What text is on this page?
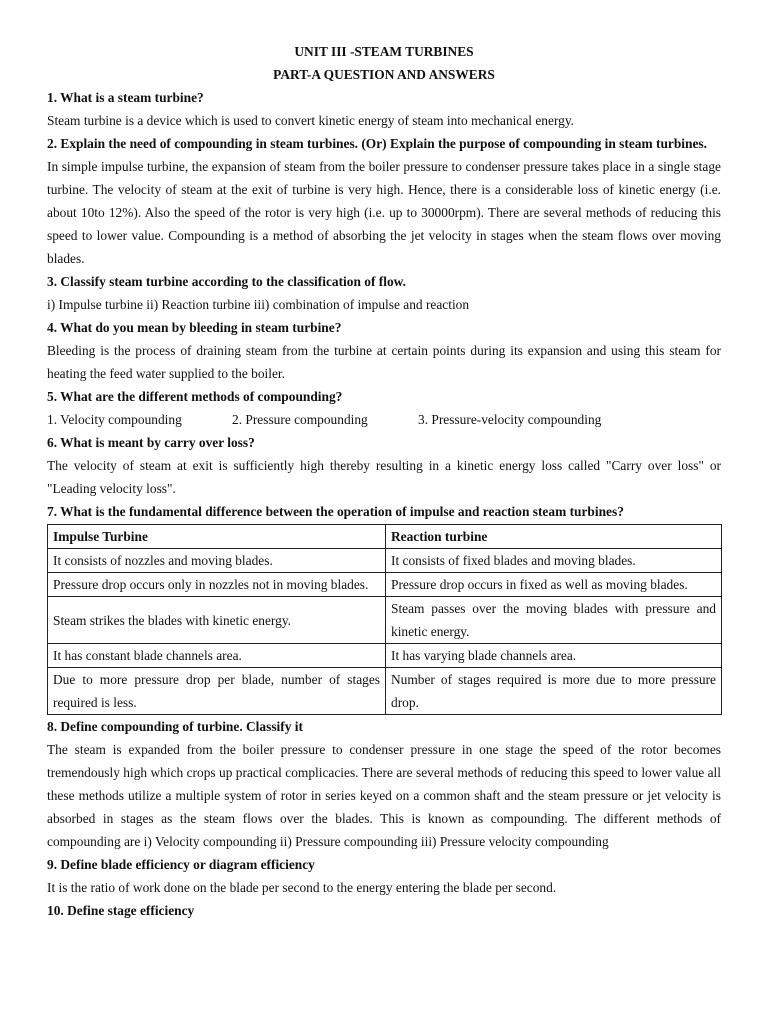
UNIT III -STEAM TURBINES
PART-A QUESTION AND ANSWERS
1. What is a steam turbine?
Steam turbine is a device which is used to convert kinetic energy of steam into mechanical energy.
2. Explain the need of compounding in steam turbines. (Or) Explain the purpose of compounding in steam turbines.
In simple impulse turbine, the expansion of steam from the boiler pressure to condenser pressure takes place in a single stage turbine. The velocity of steam at the exit of turbine is very high. Hence, there is a considerable loss of kinetic energy (i.e. about 10to 12%). Also the speed of the rotor is very high (i.e. up to 30000rpm). There are several methods of reducing this speed to lower value. Compounding is a method of absorbing the jet velocity in stages when the steam flows over moving blades.
3. Classify steam turbine according to the classification of flow.
i) Impulse turbine ii) Reaction turbine iii) combination of impulse and reaction
4. What do you mean by bleeding in steam turbine?
Bleeding is the process of draining steam from the turbine at certain points during its expansion and using this steam for heating the feed water supplied to the boiler.
5. What are the different methods of compounding?
1. Velocity compounding	2. Pressure compounding	3. Pressure-velocity compounding
6. What is meant by carry over loss?
The velocity of steam at exit is sufficiently high thereby resulting in a kinetic energy loss called "Carry over loss" or "Leading velocity loss".
7. What is the fundamental difference between the operation of impulse and reaction steam turbines?
Impulse Turbine	Reaction turbine
It consists of nozzles and moving blades.	It consists of fixed blades and moving blades.
Pressure drop occurs only in nozzles not in moving blades.	Pressure drop occurs in fixed as well as moving blades.
Steam strikes the blades with kinetic energy.	Steam passes over the moving blades with pressure and kinetic energy.
It has constant blade channels area.	It has varying blade channels area.
Due to more pressure drop per blade, number of stages required is less.	Number of stages required is more due to more pressure drop.
8. Define compounding of turbine. Classify it
The steam is expanded from the boiler pressure to condenser pressure in one stage the speed of the rotor becomes tremendously high which crops up practical complicacies. There are several methods of reducing this speed to lower value all these methods utilize a multiple system of rotor in series keyed on a common shaft and the steam pressure or jet velocity is absorbed in stages as the steam flows over the blades. This is known as compounding. The different methods of compounding are i) Velocity compounding ii) Pressure compounding iii) Pressure velocity compounding
9. Define blade efficiency or diagram efficiency
It is the ratio of work done on the blade per second to the energy entering the blade per second.
10. Define stage efficiency
